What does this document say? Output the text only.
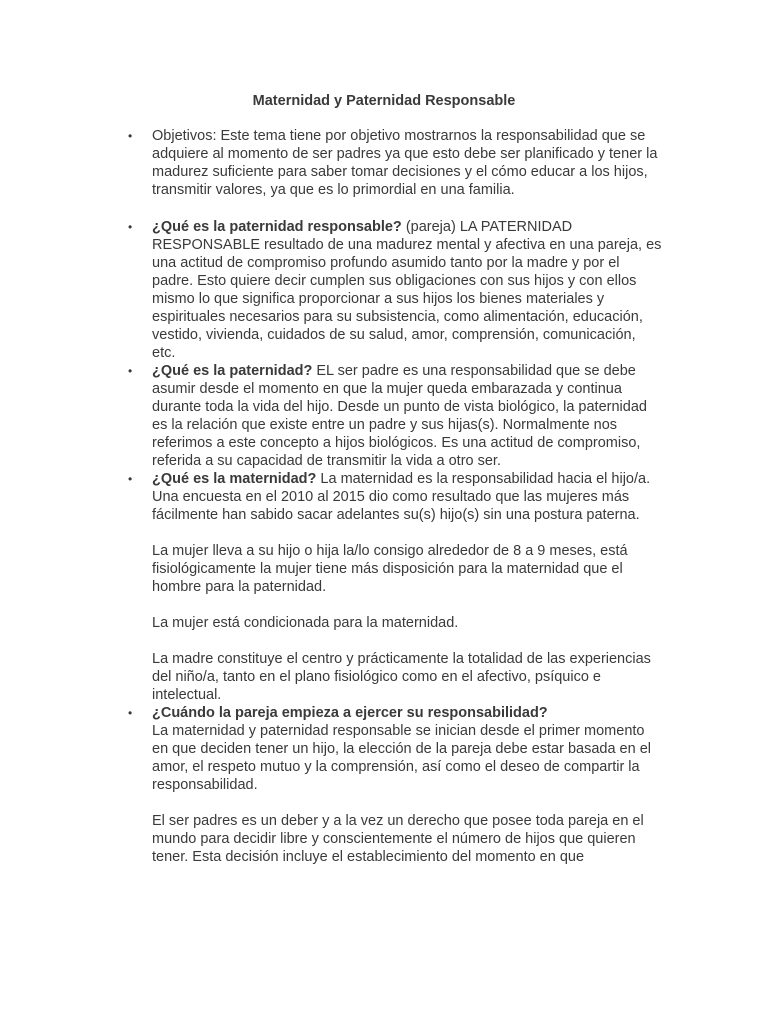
Maternidad y Paternidad Responsable
•	Objetivos: Este tema tiene por objetivo mostrarnos la responsabilidad que se adquiere al momento de ser padres ya que esto debe ser planificado y tener la madurez suficiente para saber tomar decisiones y el cómo educar a los hijos, transmitir valores, ya que es lo primordial en una familia.

•	¿Qué es la paternidad responsable? (pareja) LA PATERNIDAD RESPONSABLE resultado de una madurez mental y afectiva en una pareja, es una actitud de compromiso profundo asumido tanto por la madre y por el padre. Esto quiere decir cumplen sus obligaciones con sus hijos y con ellos mismo lo que significa proporcionar a sus hijos los bienes materiales y espirituales necesarios para su subsistencia, como alimentación, educación, vestido, vivienda, cuidados de su salud, amor, comprensión, comunicación, etc.

•	¿Qué es la paternidad? EL ser padre es una responsabilidad que se debe asumir desde el momento en que la mujer queda embarazada y continua durante toda la vida del hijo. Desde un punto de vista biológico, la paternidad es la relación que existe entre un padre y sus hijas(s). Normalmente nos referimos a este concepto a hijos biológicos. Es una actitud de compromiso, referida a su capacidad de transmitir la vida a otro ser.

•	¿Qué es la maternidad? La maternidad es la responsabilidad hacia el hijo/a. Una encuesta en el 2010 al 2015 dio como resultado que las mujeres más fácilmente han sabido sacar adelantes su(s) hijo(s) sin una postura paterna.

La mujer lleva a su hijo o hija la/lo consigo alrededor de 8 a 9 meses, está fisiológicamente la mujer tiene más disposición para la maternidad que el hombre para la paternidad.

La mujer está condicionada para la maternidad.

La madre constituye el centro y prácticamente la totalidad de las experiencias del niño/a, tanto en el plano fisiológico como en el afectivo, psíquico e intelectual.

•	¿Cuándo la pareja empieza a ejercer su responsabilidad?

La maternidad y paternidad responsable se inician desde el primer momento en que deciden tener un hijo, la elección de la pareja debe estar basada en el amor, el respeto mutuo y la comprensión, así como el deseo de compartir la responsabilidad.

El ser padres es un deber y a la vez un derecho que posee toda pareja en el mundo para decidir libre y conscientemente el número de hijos que quieren tener. Esta decisión incluye el establecimiento del momento en que
